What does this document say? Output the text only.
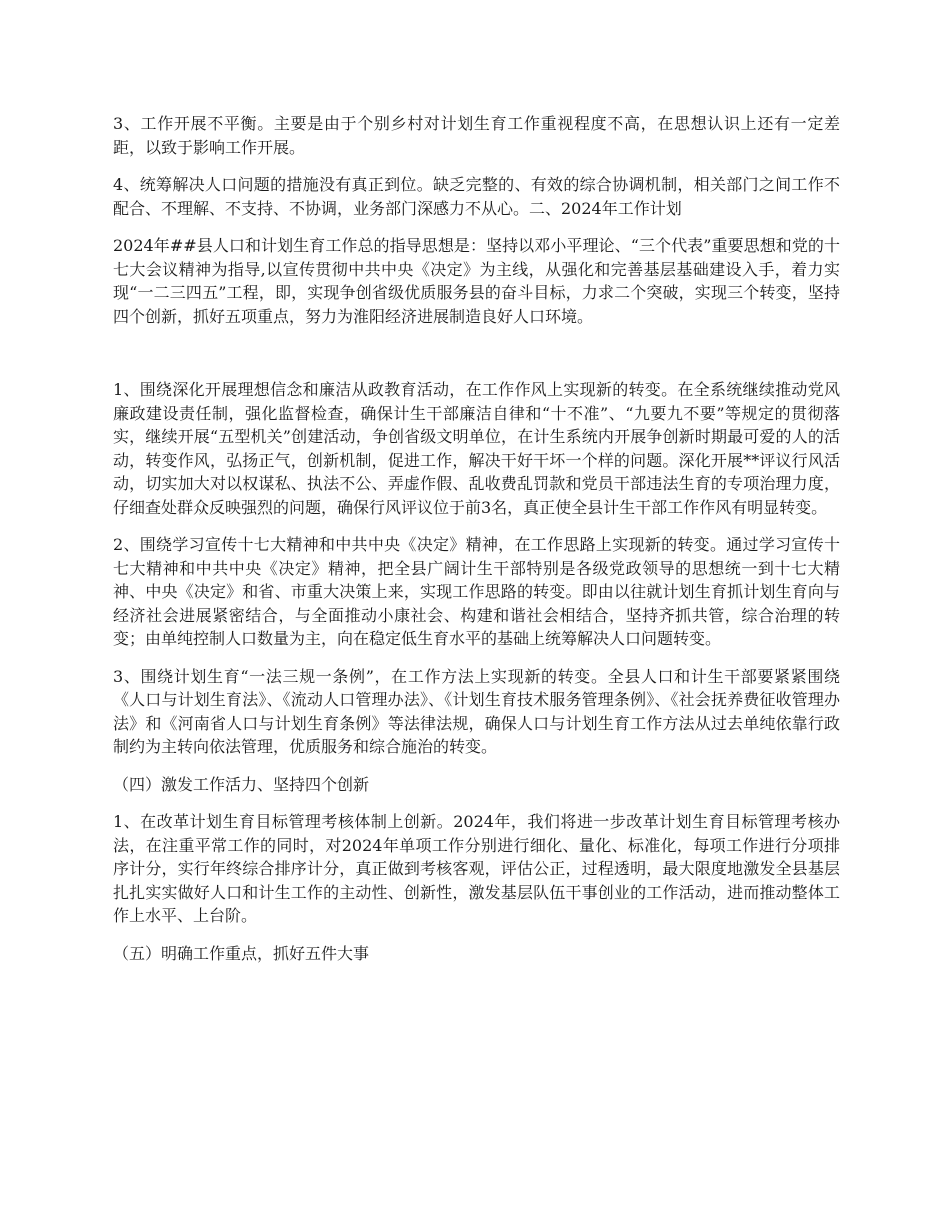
3、工作开展不平衡。主要是由于个别乡村对计划生育工作重视程度不高，在思想认识上还有一定差距，以致于影响工作开展。

4、统筹解决人口问题的措施没有真正到位。缺乏完整的、有效的综合协调机制，相关部门之间工作不配合、不理解、不支持、不协调，业务部门深感力不从心。二、2024年工作计划

2024年##县人口和计划生育工作总的指导思想是：坚持以邓小平理论、“三个代表”重要思想和党的十七大会议精神为指导,以宣传贯彻中共中央《决定》为主线，从强化和完善基层基础建设入手，着力实现“一二三四五”工程，即，实现争创省级优质服务县的奋斗目标，力求二个突破，实现三个转变，坚持四个创新，抓好五项重点，努力为淮阳经济进展制造良好人口环境。

1、围绕深化开展理想信念和廉洁从政教育活动，在工作作风上实现新的转变。在全系统继续推动党风廉政建设责任制，强化监督检查，确保计生干部廉洁自律和“十不准”、“九要九不要”等规定的贯彻落实，继续开展“五型机关”创建活动，争创省级文明单位，在计生系统内开展争创新时期最可爱的人的活动，转变作风，弘扬正气，创新机制，促进工作，解决干好干坏一个样的问题。深化开展**评议行风活动，切实加大对以权谋私、执法不公、弄虚作假、乱收费乱罚款和党员干部违法生育的专项治理力度，仔细查处群众反映强烈的问题，确保行风评议位于前3名，真正使全县计生干部工作作风有明显转变。

2、围绕学习宣传十七大精神和中共中央《决定》精神，在工作思路上实现新的转变。通过学习宣传十七大精神和中共中央《决定》精神，把全县广阔计生干部特别是各级党政领导的思想统一到十七大精神、中央《决定》和省、市重大决策上来，实现工作思路的转变。即由以往就计划生育抓计划生育向与经济社会进展紧密结合，与全面推动小康社会、构建和谐社会相结合，坚持齐抓共管，综合治理的转变；由单纯控制人口数量为主，向在稳定低生育水平的基础上统筹解决人口问题转变。

3、围绕计划生育“一法三规一条例”，在工作方法上实现新的转变。全县人口和计生干部要紧紧围绕《人口与计划生育法》、《流动人口管理办法》、《计划生育技术服务管理条例》、《社会抚养费征收管理办法》和《河南省人口与计划生育条例》等法律法规，确保人口与计划生育工作方法从过去单纯依靠行政制约为主转向依法管理，优质服务和综合施治的转变。

（四）激发工作活力、坚持四个创新

1、在改革计划生育目标管理考核体制上创新。2024年，我们将进一步改革计划生育目标管理考核办法，在注重平常工作的同时，对2024年单项工作分别进行细化、量化、标准化，每项工作进行分项排序计分，实行年终综合排序计分，真正做到考核客观，评估公正，过程透明，最大限度地激发全县基层扎扎实实做好人口和计生工作的主动性、创新性，激发基层队伍干事创业的工作活动，进而推动整体工作上水平、上台阶。

（五）明确工作重点，抓好五件大事
